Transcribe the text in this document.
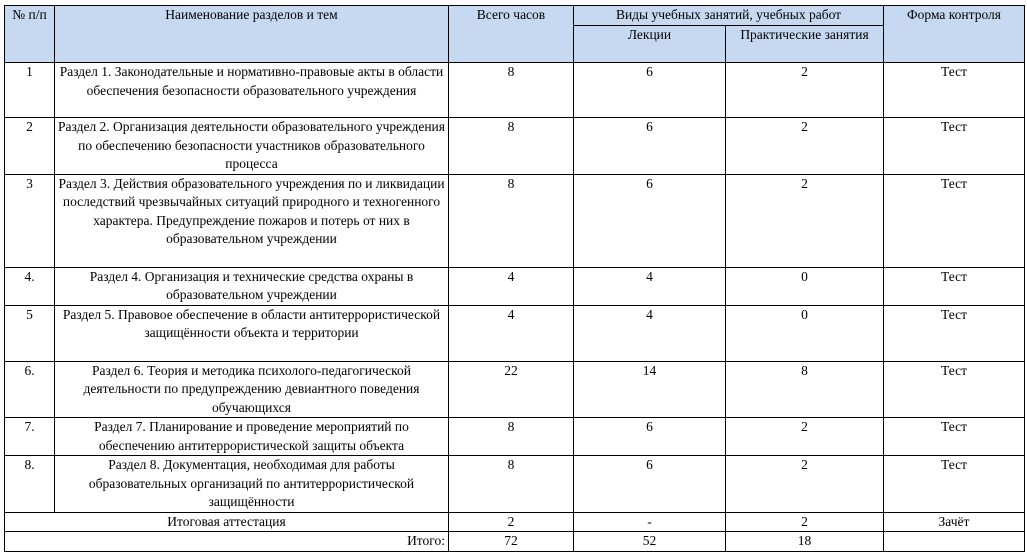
№ п/п	Наименование разделов и тем	Всего часов	Виды учебных занятий, учебных работ		Форма контроля
			Лекции	Практические занятия	
1	Раздел 1. Законодательные и нормативно-правовые акты в области обеспечения безопасности образовательного учреждения	8	6	2	Тест
2	Раздел 2. Организация деятельности образовательного учреждения по обеспечению безопасности участников образовательного процесса	8	6	2	Тест
3	Раздел 3. Действия образовательного учреждения по и ликвидации последствий чрезвычайных ситуаций природного и техногенного характера. Предупреждение пожаров и потерь от них в образовательном учреждении	8	6	2	Тест
4.	Раздел 4. Организация и технические средства охраны в образовательном учреждении	4	4	0	Тест
5	Раздел 5. Правовое обеспечение в области антитеррористической защищённости объекта и территории	4	4	0	Тест
6.	Раздел 6. Теория и методика психолого-педагогической деятельности по предупреждению девиантного поведения обучающихся	22	14	8	Тест
7.	Раздел 7. Планирование и проведение мероприятий по обеспечению антитеррористической защиты объекта	8	6	2	Тест
8.	Раздел 8. Документация, необходимая для работы образовательных организаций по антитеррористической защищённости	8	6	2	Тест
Итоговая аттестация		2	-	2	Зачёт
Итого:		72	52	18	
